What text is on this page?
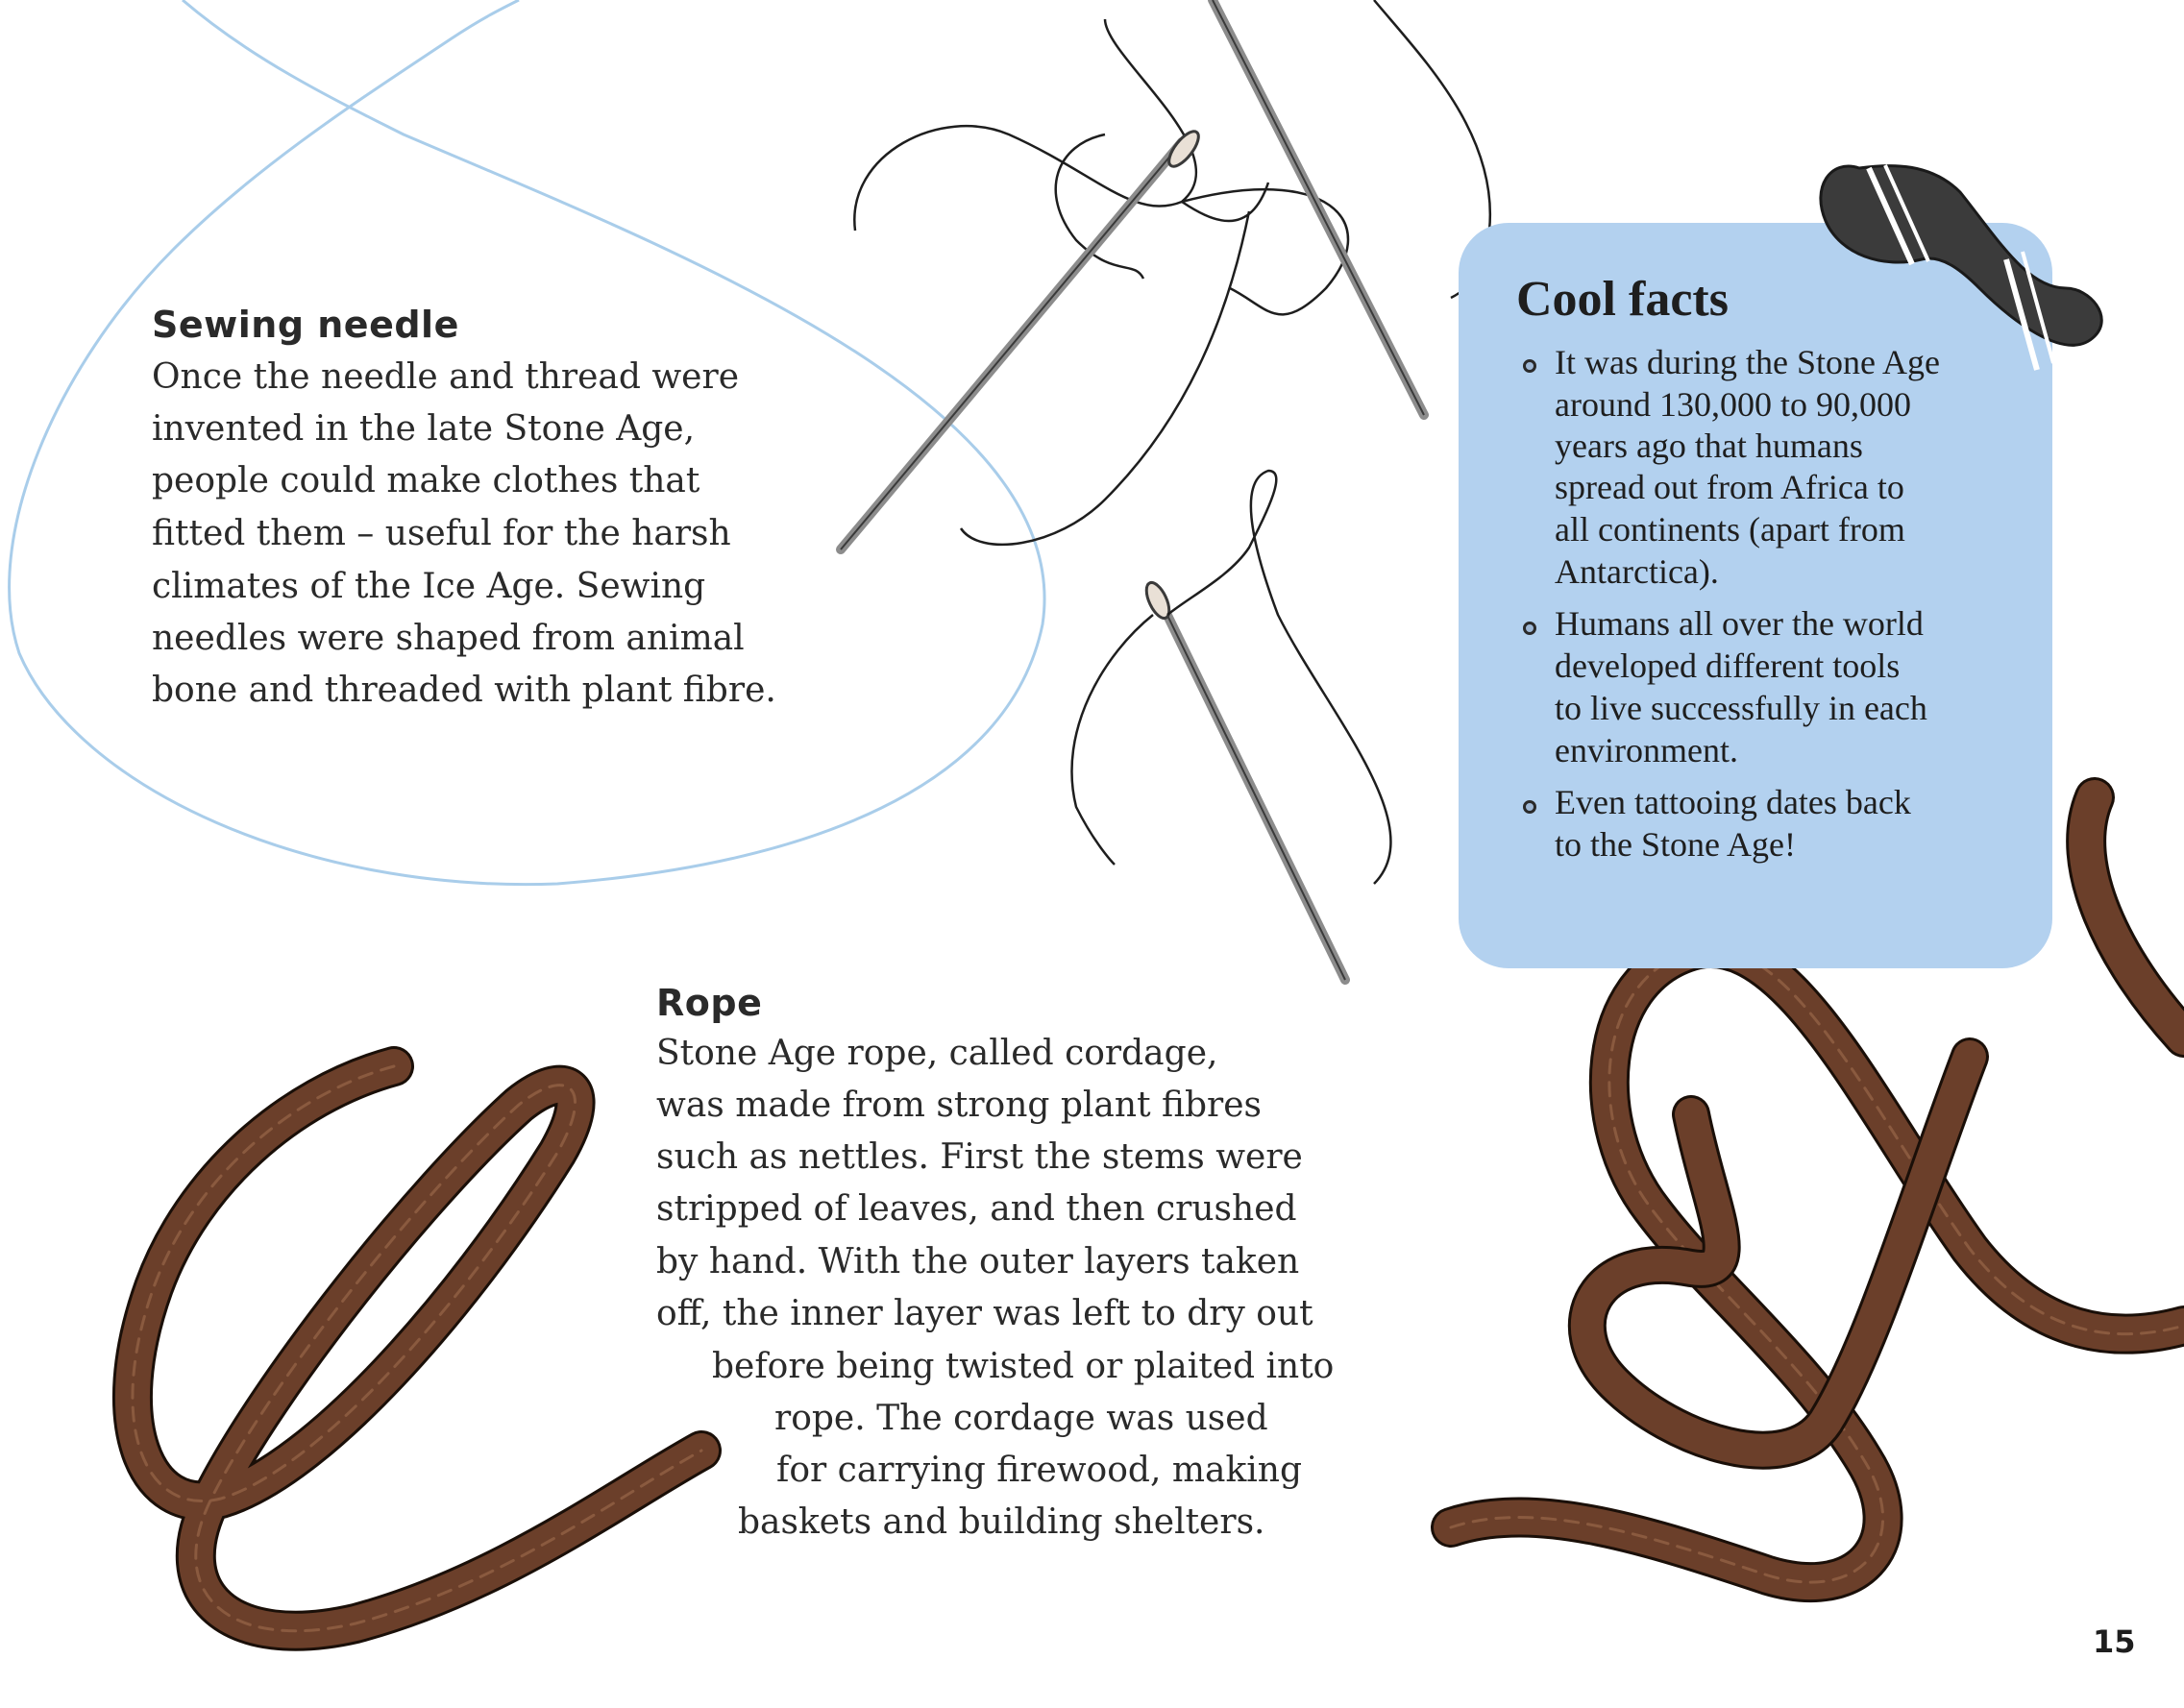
Sewing needle

Once the needle and thread were

invented in the late Stone Age,

people could make clothes that

fitted them – useful for the harsh

climates of the Ice Age. Sewing

needles were shaped from animal

bone and threaded with plant fibre.

Rope

Stone Age rope, called cordage,

was made from strong plant fibres

such as nettles. First the stems were

stripped of leaves, and then crushed

by hand. With the outer layers taken

off, the inner layer was left to dry out

before being twisted or plaited into

rope. The cordage was used

for carrying firewood, making

baskets and building shelters.

Cool facts

It was during the Stone Age

around 130,000 to 90,000

years ago that humans

spread out from Africa to

all continents (apart from

Antarctica).

Humans all over the world

developed different tools

to live successfully in each

environment.

Even tattooing dates back

to the Stone Age!

15
